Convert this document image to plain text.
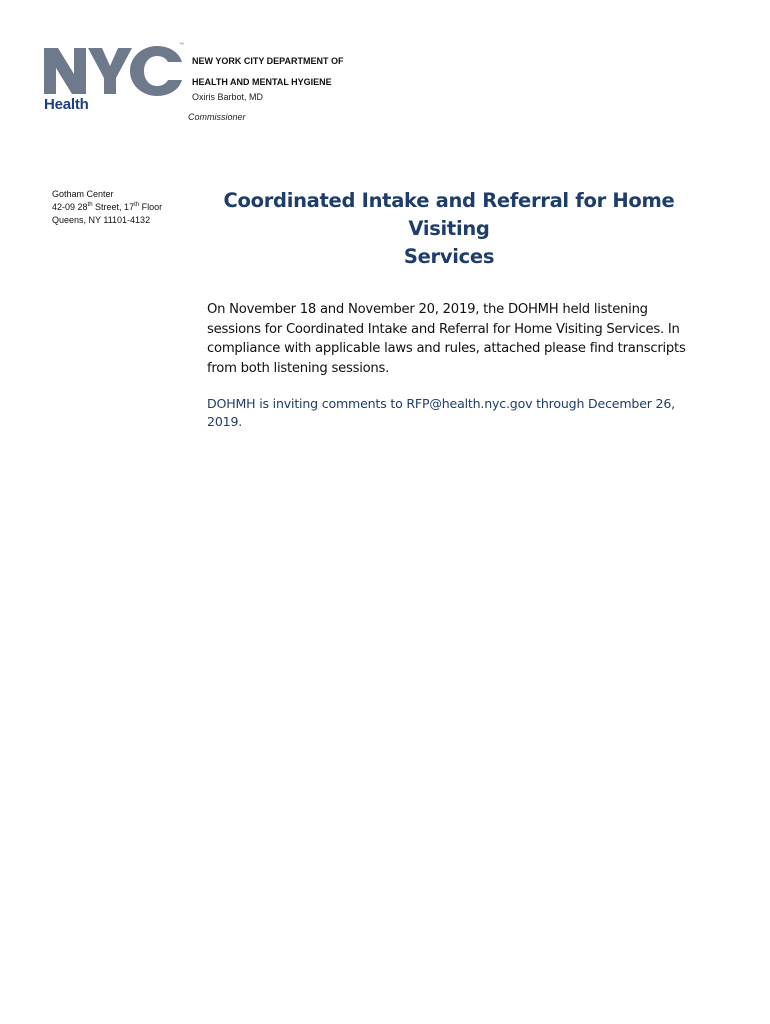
™
Health
NEW YORK CITY DEPARTMENT OF
HEALTH AND MENTAL HYGIENE
Oxiris Barbot, MD
Commissioner
Gotham Center
42-09 28th Street, 17th Floor
Queens, NY 11101-4132
Coordinated Intake and Referral for Home Visiting
Services
On November 18 and November 20, 2019, the DOHMH held listening sessions for Coordinated Intake and Referral for Home Visiting Services. In compliance with applicable laws and rules, attached please find transcripts from both listening sessions.
DOHMH is inviting comments to RFP@health.nyc.gov through December 26, 2019.
